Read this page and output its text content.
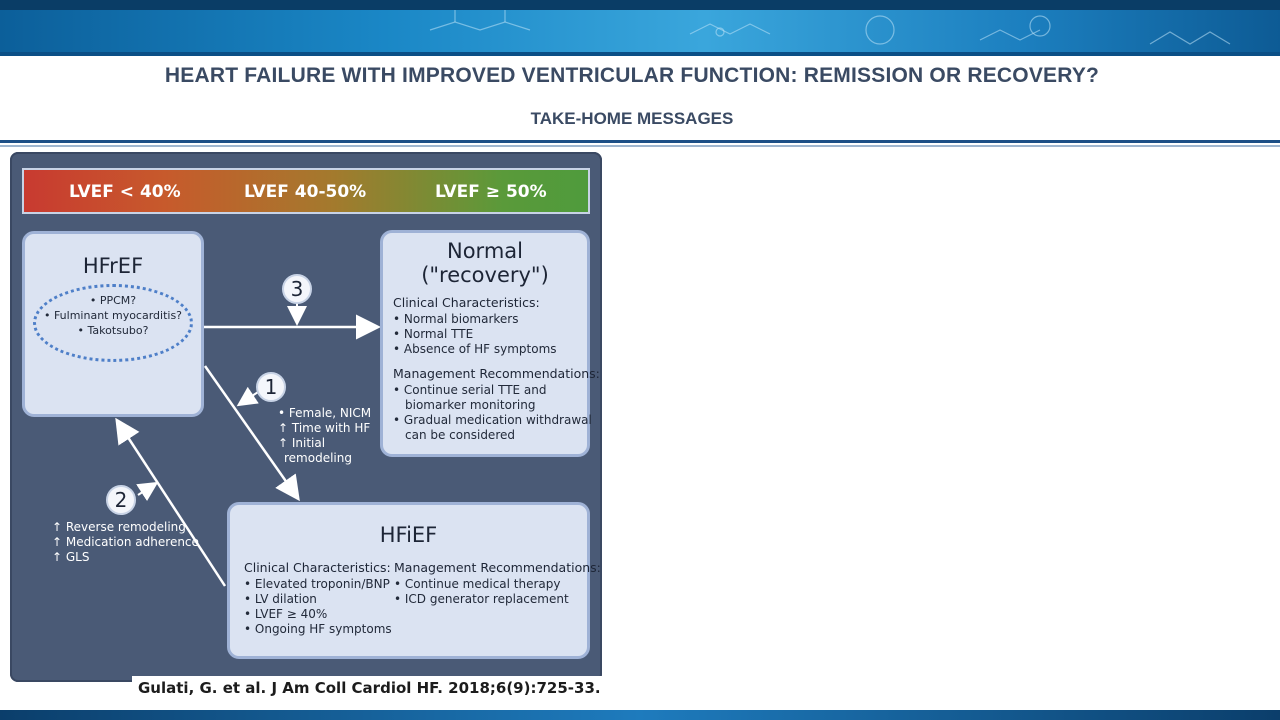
HEART FAILURE WITH IMPROVED VENTRICULAR FUNCTION: REMISSION OR RECOVERY?
TAKE-HOME MESSAGES
LVEF < 40%	LVEF 40-50%	LVEF ≥ 50%
HFrEF
• PPCM?
• Fulminant myocarditis?
• Takotsubo?
Normal
("recovery")
Clinical Characteristics:
• Normal biomarkers
• Normal TTE
• Absence of HF symptoms
Management Recommendations:
• Continue serial TTE and
biomarker monitoring
• Gradual medication withdrawal
can be considered
HFiEF
Clinical Characteristics:
• Elevated troponin/BNP
• LV dilation
• LVEF ≥ 40%
• Ongoing HF symptoms
Management Recommendations:
• Continue medical therapy
• ICD generator replacement
3
1
2
• Female, NICM
↑ Time with HF
↑ Initial
remodeling
↑ Reverse remodeling
↑ Medication adherence
↑ GLS
Gulati, G. et al. J Am Coll Cardiol HF. 2018;6(9):725-33.
